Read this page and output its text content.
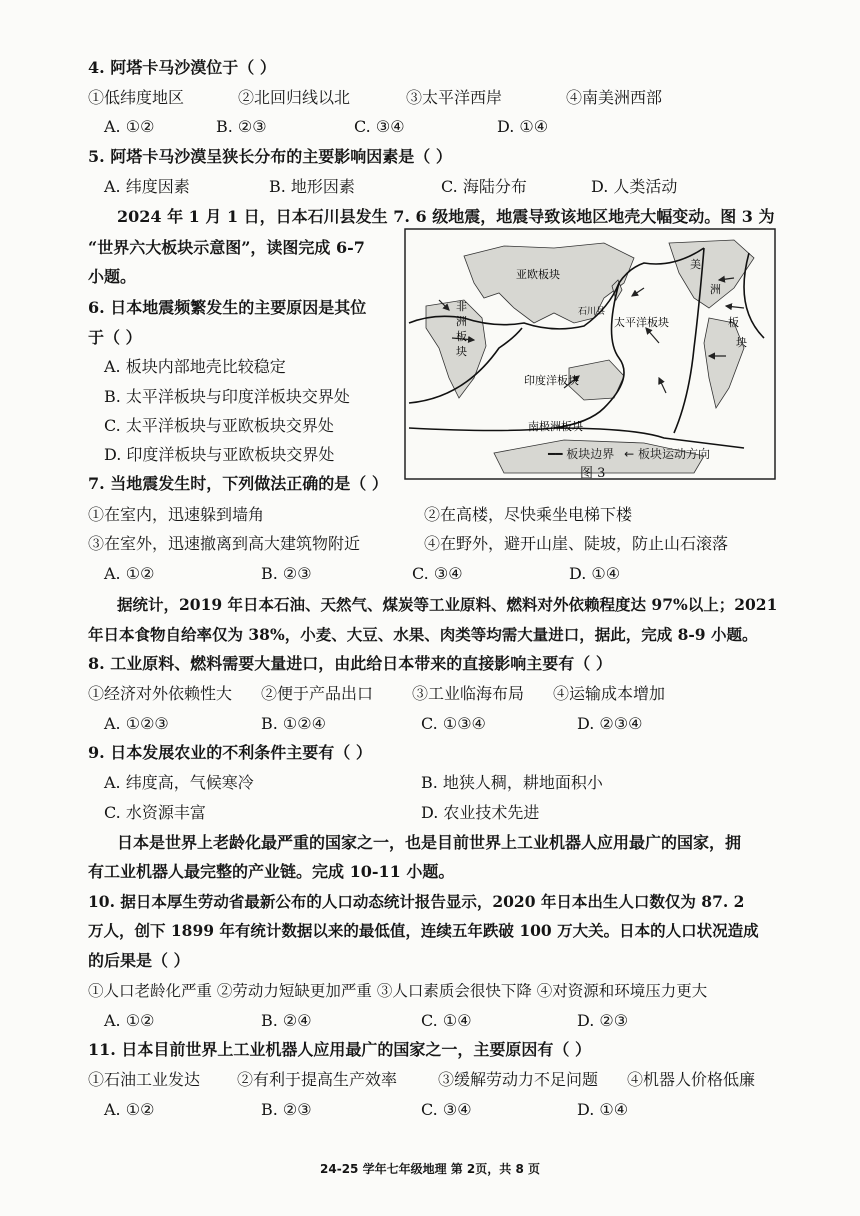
4. 阿塔卡马沙漠位于（ ）
①低纬度地区	②北回归线以北	③太平洋西岸	④南美洲西部
A. ①②	B. ②③	C. ③④	D. ①④
5. 阿塔卡马沙漠呈狭长分布的主要影响因素是（ ）
A. 纬度因素	B. 地形因素	C. 海陆分布	D. 人类活动
2024 年 1 月 1 日，日本石川县发生 7. 6 级地震，地震导致该地区地壳大幅变动。图 3 为
“世界六大板块示意图”，读图完成 6-7
小题。
6. 日本地震频繁发生的主要原因是其位
于（ ）
A. 板块内部地壳比较稳定
B. 太平洋板块与印度洋板块交界处
C. 太平洋板块与亚欧板块交界处
D. 印度洋板块与亚欧板块交界处
亚欧板块
太平洋板块
印度洋板块
南极洲板块
石川县
非
洲
板
块
美
洲
板
块
━━ 板块边界 ← 板块运动方向
图 3
7. 当地震发生时，下列做法正确的是（ ）
①在室内，迅速躲到墙角	②在高楼，尽快乘坐电梯下楼
③在室外，迅速撤离到高大建筑物附近	④在野外，避开山崖、陡坡，防止山石滚落
A. ①②	B. ②③	C. ③④	D. ①④
据统计，2019 年日本石油、天然气、煤炭等工业原料、燃料对外依赖程度达 97%以上；2021
年日本食物自给率仅为 38%，小麦、大豆、水果、肉类等均需大量进口，据此，完成 8-9 小题。
8. 工业原料、燃料需要大量进口，由此给日本带来的直接影响主要有（ ）
①经济对外依赖性大 ②便于产品出口 ③工业临海布局 ④运输成本增加
A. ①②③	B. ①②④	C. ①③④	D. ②③④
9. 日本发展农业的不利条件主要有（ ）
A. 纬度高，气候寒冷	B. 地狭人稠，耕地面积小
C. 水资源丰富	D. 农业技术先进
日本是世界上老龄化最严重的国家之一，也是目前世界上工业机器人应用最广的国家，拥
有工业机器人最完整的产业链。完成 10-11 小题。
10. 据日本厚生劳动省最新公布的人口动态统计报告显示，2020 年日本出生人口数仅为 87. 2
万人，创下 1899 年有统计数据以来的最低值，连续五年跌破 100 万大关。日本的人口状况造成
的后果是（ ）
①人口老龄化严重 ②劳动力短缺更加严重 ③人口素质会很快下降 ④对资源和环境压力更大
A. ①②	B. ②④	C. ①④	D. ②③
11. 日本目前世界上工业机器人应用最广的国家之一，主要原因有（ ）
①石油工业发达 ②有利于提高生产效率	③缓解劳动力不足问题 ④机器人价格低廉
A. ①②	B. ②③	C. ③④	D. ①④
24-25 学年七年级地理 第 2页，共 8 页
